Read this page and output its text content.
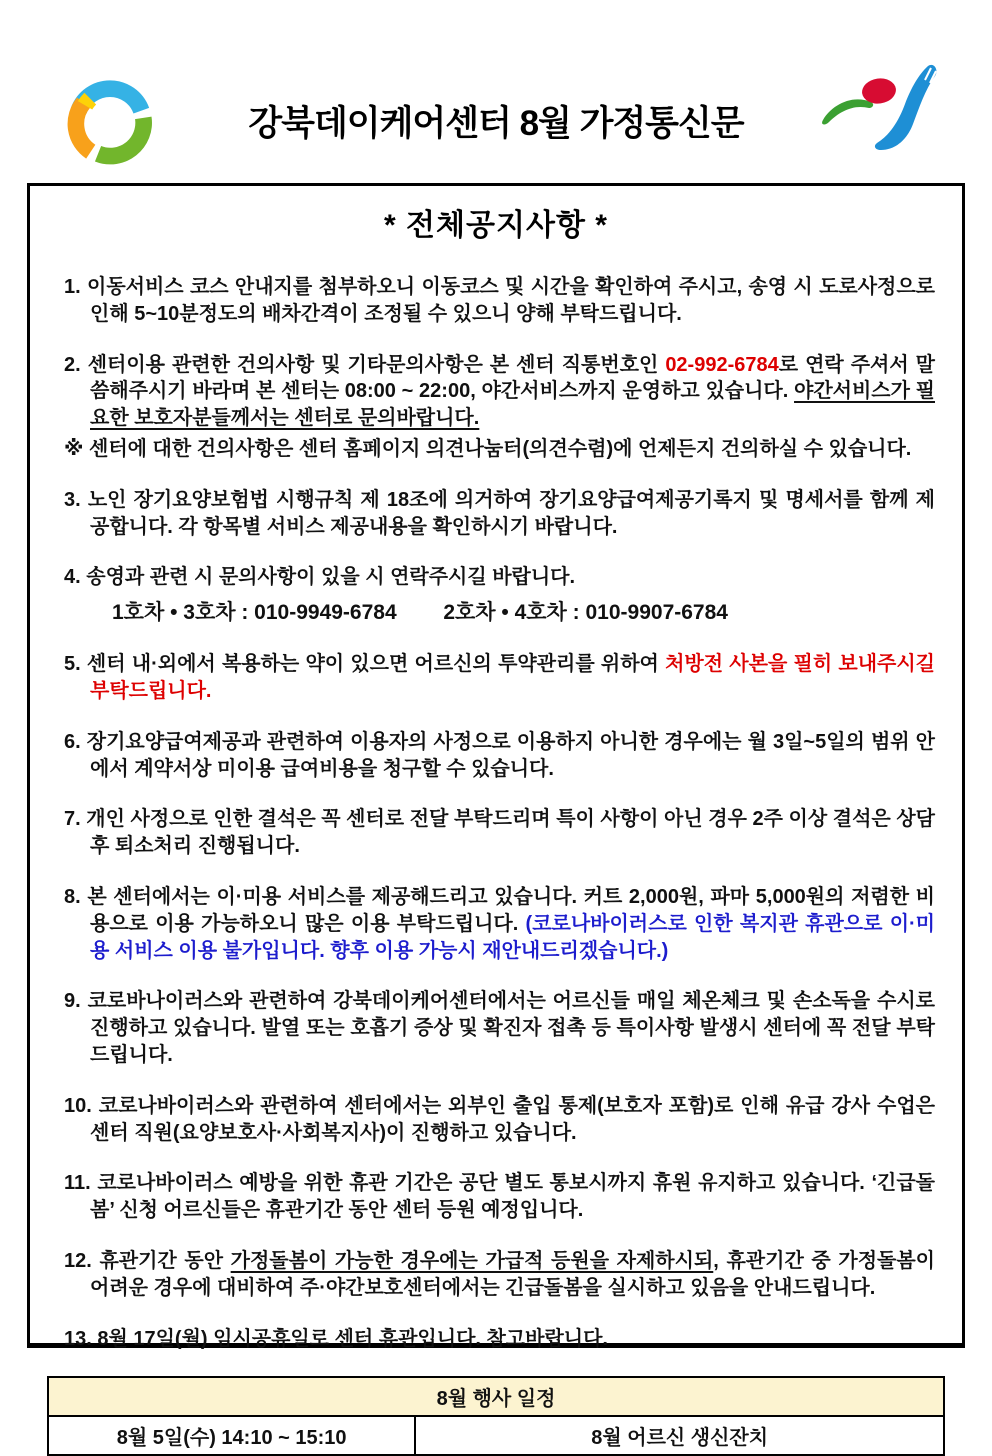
강북데이케어센터 8월 가정통신문
* 전체공지사항 *
1. 이동서비스 코스 안내지를 첨부하오니 이동코스 및 시간을 확인하여 주시고, 송영 시 도로사정으로 인해 5~10분정도의 배차간격이 조정될 수 있으니 양해 부탁드립니다.
2. 센터이용 관련한 건의사항 및 기타문의사항은 본 센터 직통번호인 02-992-6784로 연락 주셔서 말씀해주시기 바라며 본 센터는 08:00 ~ 22:00, 야간서비스까지 운영하고 있습니다. 야간서비스가 필요한 보호자분들께서는 센터로 문의바랍니다.
※ 센터에 대한 건의사항은 센터 홈페이지 의견나눔터(의견수렴)에 언제든지 건의하실 수 있습니다.
3. 노인 장기요양보험법 시행규칙 제 18조에 의거하여 장기요양급여제공기록지 및 명세서를 함께 제공합니다. 각 항목별 서비스 제공내용을 확인하시기 바랍니다.
4. 송영과 관련 시 문의사항이 있을 시 연락주시길 바랍니다.
1호차 • 3호차 : 010-9949-6784        2호차 • 4호차 : 010-9907-6784
5. 센터 내·외에서 복용하는 약이 있으면 어르신의 투약관리를 위하여 처방전 사본을 필히 보내주시길 부탁드립니다.
6. 장기요양급여제공과 관련하여 이용자의 사정으로 이용하지 아니한 경우에는 월 3일~5일의 범위 안에서 계약서상 미이용 급여비용을 청구할 수 있습니다.
7. 개인 사정으로 인한 결석은 꼭 센터로 전달 부탁드리며 특이 사항이 아닌 경우 2주 이상 결석은 상담 후 퇴소처리 진행됩니다.
8. 본 센터에서는 이·미용 서비스를 제공해드리고 있습니다. 커트 2,000원, 파마 5,000원의 저렴한 비용으로 이용 가능하오니 많은 이용 부탁드립니다. (코로나바이러스로 인한 복지관 휴관으로 이·미용 서비스 이용 불가입니다. 향후 이용 가능시 재안내드리겠습니다.)
9. 코로바나이러스와 관련하여 강북데이케어센터에서는 어르신들 매일 체온체크 및 손소독을 수시로 진행하고 있습니다. 발열 또는 호흡기 증상 및 확진자 접촉 등 특이사항 발생시 센터에 꼭 전달 부탁드립니다.
10. 코로나바이러스와 관련하여 센터에서는 외부인 출입 통제(보호자 포함)로 인해 유급 강사 수업은 센터 직원(요양보호사·사회복지사)이 진행하고 있습니다.
11. 코로나바이러스 예방을 위한 휴관 기간은 공단 별도 통보시까지 휴원 유지하고 있습니다. ‘긴급돌봄’ 신청 어르신들은 휴관기간 동안 센터 등원 예정입니다.
12. 휴관기간 동안 가정돌봄이 가능한 경우에는 가급적 등원을 자제하시되, 휴관기간 중 가정돌봄이 어려운 경우에 대비하여 주·야간보호센터에서는 긴급돌봄을 실시하고 있음을 안내드립니다.
13. 8월 17일(월) 임시공휴일로 센터 휴관입니다. 참고바랍니다.
8월 행사 일정
8월 5일(수) 14:10 ~ 15:10	8월 어르신 생신잔치
